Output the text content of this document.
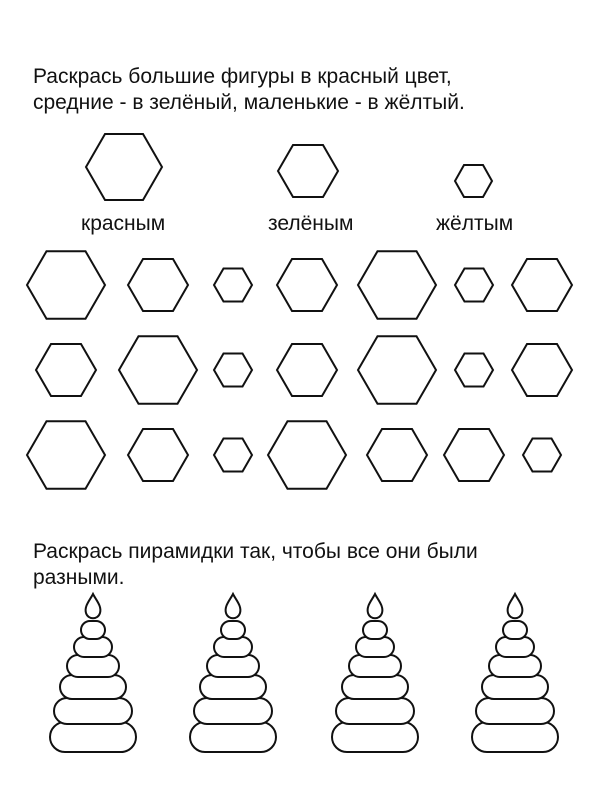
Раскрась большие фигуры в красный цвет,
средние - в зелёный, маленькие - в жёлтый.

красным	зелёным	жёлтым

Раскрась пирамидки так, чтобы все они были
разными.
